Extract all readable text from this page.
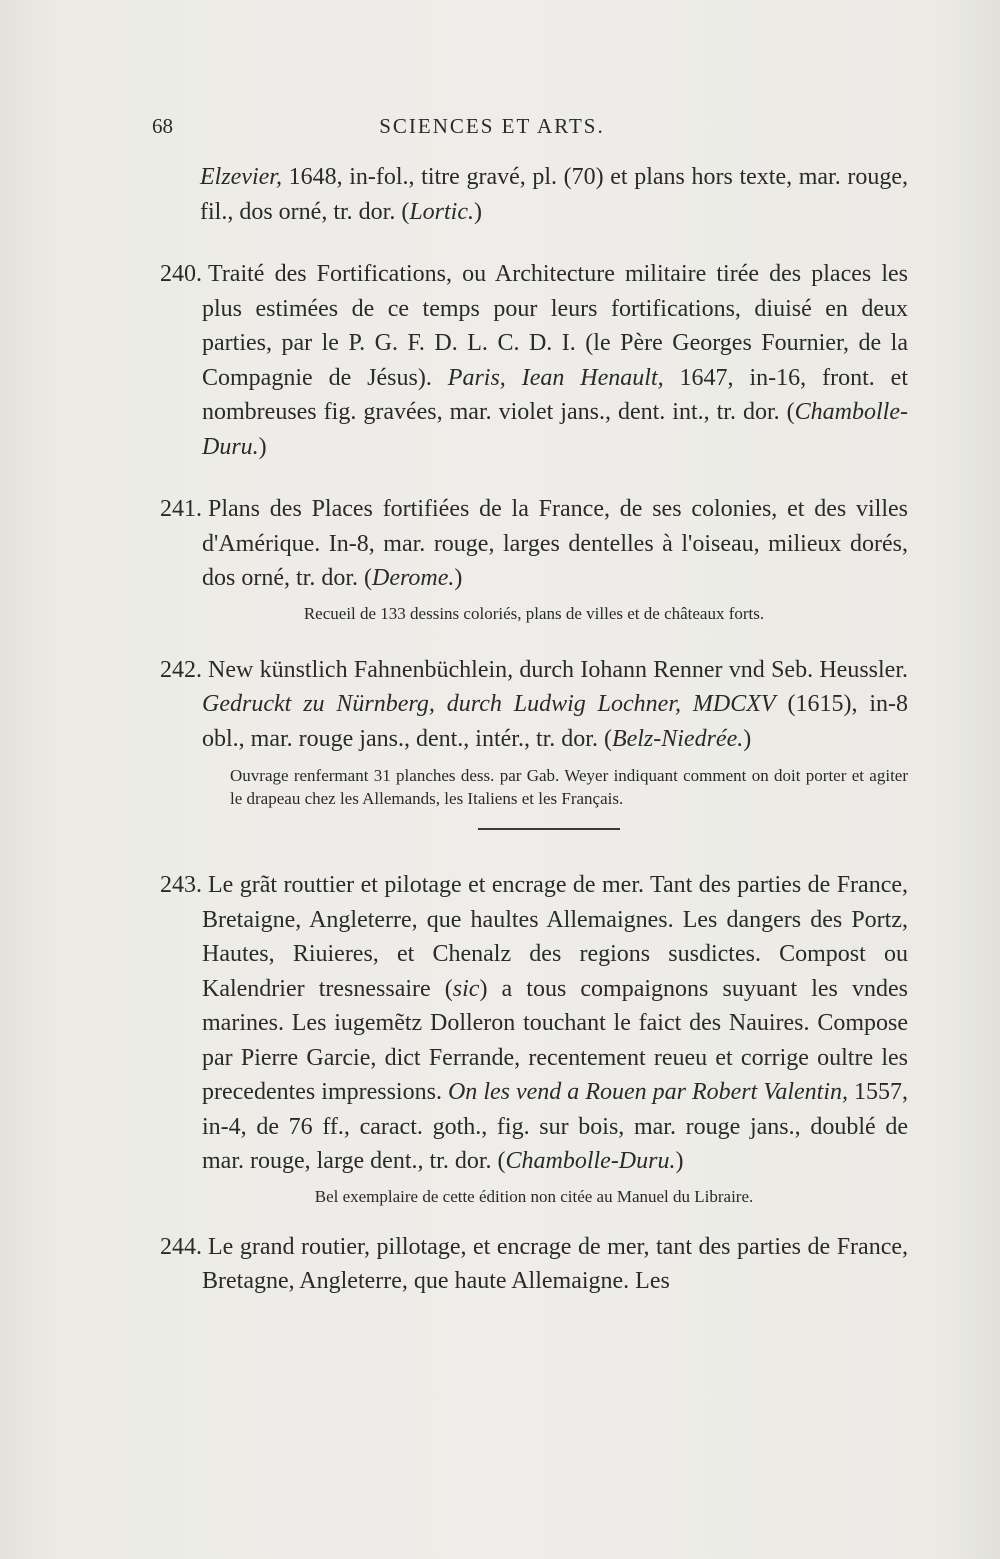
68	SCIENCES ET ARTS.

Elzevier, 1648, in-fol., titre gravé, pl. (70) et plans hors texte, mar. rouge, fil., dos orné, tr. dor. (Lortic.)

240. Traité des Fortifications, ou Architecture militaire tirée des places les plus estimées de ce temps pour leurs fortifications, diuisé en deux parties, par le P. G. F. D. L. C. D. I. (le Père Georges Fournier, de la Compagnie de Jésus). Paris, Iean Henault, 1647, in-16, front. et nombreuses fig. gravées, mar. violet jans., dent. int., tr. dor. (Chambolle-Duru.)

241. Plans des Places fortifiées de la France, de ses colonies, et des villes d'Amérique. In-8, mar. rouge, larges dentelles à l'oiseau, milieux dorés, dos orné, tr. dor. (Derome.)

Recueil de 133 dessins coloriés, plans de villes et de châteaux forts.

242. New künstlich Fahnenbüchlein, durch Iohann Renner vnd Seb. Heussler. Gedruckt zu Nürnberg, durch Ludwig Lochner, MDCXV (1615), in-8 obl., mar. rouge jans., dent., intér., tr. dor. (Belz-Niedrée.)

Ouvrage renfermant 31 planches dess. par Gab. Weyer indiquant comment on doit porter et agiter le drapeau chez les Allemands, les Italiens et les Français.

243. Le grãt routtier et pilotage et encrage de mer. Tant des parties de France, Bretaigne, Angleterre, que haultes Allemaignes. Les dangers des Portz, Hautes, Riuieres, et Chenalz des regions susdictes. Compost ou Kalendrier tresnessaire (sic) a tous compaignons suyuant les vndes marines. Les iugemẽtz Dolleron touchant le faict des Nauires. Compose par Pierre Garcie, dict Ferrande, recentement reueu et corrige oultre les precedentes impressions. On les vend a Rouen par Robert Valentin, 1557, in-4, de 76 ff., caract. goth., fig. sur bois, mar. rouge jans., doublé de mar. rouge, large dent., tr. dor. (Chambolle-Duru.)

Bel exemplaire de cette édition non citée au Manuel du Libraire.

244. Le grand routier, pillotage, et encrage de mer, tant des parties de France, Bretagne, Angleterre, que haute Allemaigne. Les
